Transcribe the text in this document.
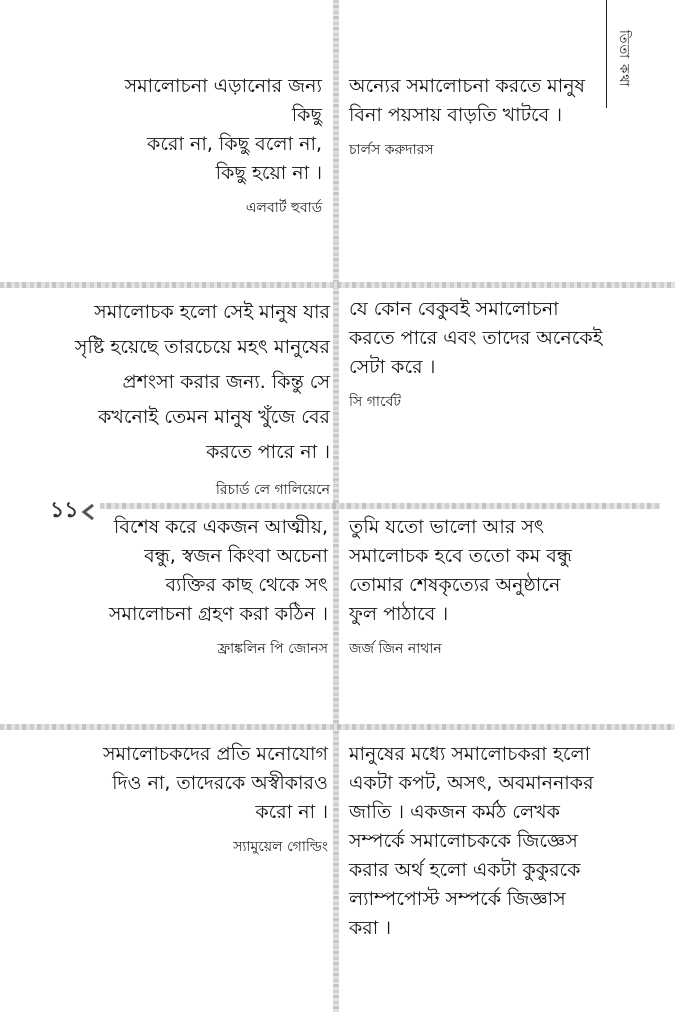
তিতা কথা
১১
সমালোচনা এড়ানোর জন্য কিছু
করো না, কিছু বলো না,
কিছু হয়ো না ।
এলবার্ট হুবার্ড
অন্যের সমালোচনা করতে মানুষ
বিনা পয়সায় বাড়তি খাটবে ।
চার্লস করুদারস
সমালোচক হলো সেই মানুষ যার
সৃষ্টি হয়েছে তারচেয়ে মহৎ মানুষের
প্রশংসা করার জন্য. কিন্তু সে
কখনোই তেমন মানুষ খুঁজে বের
করতে পারে না ।
রিচার্ড লে গালিয়েনে
যে কোন বেকুবই সমালোচনা
করতে পারে এবং তাদের অনেকেই
সেটা করে ।
সি গার্বেট
বিশেষ করে একজন আত্মীয়,
বন্ধু, স্বজন কিংবা অচেনা
ব্যক্তির কাছ থেকে সৎ
সমালোচনা গ্রহণ করা কঠিন ।
ফ্রাঙ্কলিন পি জোনস
তুমি যতো ভালো আর সৎ
সমালোচক হবে ততো কম বন্ধু
তোমার শেষকৃত্যের অনুষ্ঠানে
ফুল পাঠাবে ।
জর্জ জিন নাথান
সমালোচকদের প্রতি মনোযোগ
দিও না, তাদেরকে অস্বীকারও
করো না ।
স্যামুয়েল গোল্ডিং
মানুষের মধ্যে সমালোচকরা হলো
একটা কপট, অসৎ, অবমাননাকর
জাতি । একজন কর্মঠ লেখক
সম্পর্কে সমালোচককে জিজ্ঞেস
করার অর্থ হলো একটা কুকুরকে
ল্যাম্পপোস্ট সম্পর্কে জিজ্ঞাস
করা ।
